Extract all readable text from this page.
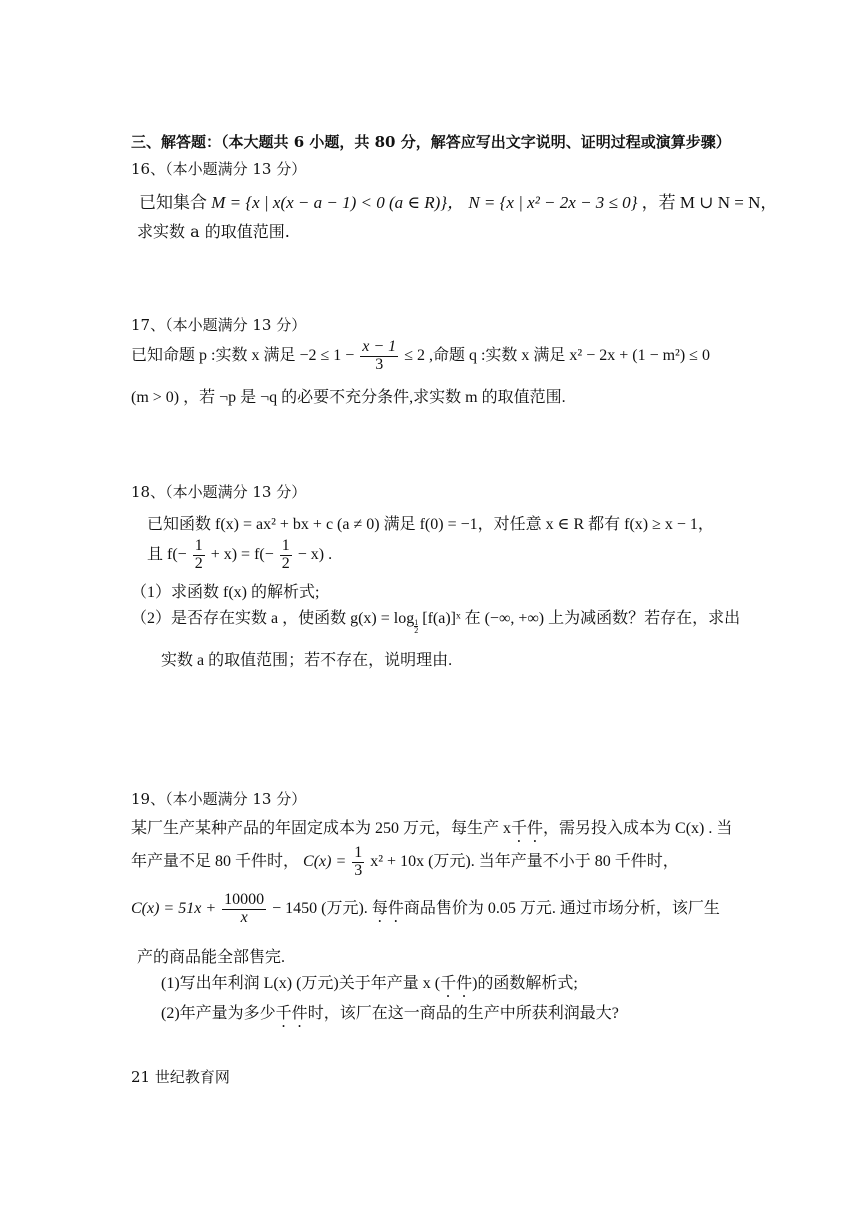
三、解答题：（本大题共 6 小题，共 80 分，解答应写出文字说明、证明过程或演算步骤）
16、（本小题满分 13 分）
已知集合 M = {x | x(x − a − 1) < 0 (a ∈ R)}， N = {x | x² − 2x − 3 ≤ 0} ，若 M ∪ N = N，
求实数 a 的取值范围.
17、（本小题满分 13 分）
已知命题 p :实数 x 满足 $-2 \le 1 - \frac{x - 1}{3} \le 2$ ,命题 q :实数 x 满足 x² − 2x + (1 − m²) ≤ 0
(m > 0) ，若 ¬p 是 ¬q 的必要不充分条件,求实数 m 的取值范围.
18、（本小题满分 13 分）
已知函数 f(x) = ax² + bx + c (a ≠ 0) 满足 f(0) = −1，对任意 x ∈ R 都有 f(x) ≥ x − 1，
且 $f(- \frac{1}{2} + x) = f(- \frac{1}{2} - x)$ .
（1）求函数 f(x) 的解析式;
（2）是否存在实数 a ，使函数 $g(x) = \log \frac{1}{2}$ [f(a)]ˣ 在 (−∞, +∞) 上为减函数？若存在，求出
实数 a 的取值范围；若不存在，说明理由.
19、（本小题满分 13 分）
某厂生产某种产品的年固定成本为 250 万元，每生产 x千件，需另投入成本为 C(x) . 当
年产量不足 80 千件时， $C(x) = \frac{1}{3} x^2 + 10x$ (万元). 当年产量不小于 80 千件时，
$C(x) = 51x + \frac{10000}{x} - 1450$ (万元). 每件商品售价为 0.05 万元. 通过市场分析，该厂生
产的商品能全部售完.
(1)写出年利润 L(x) (万元)关于年产量 x (千件)的函数解析式;
(2)年产量为多少千件时，该厂在这一商品的生产中所获利润最大?
21 世纪教育网
